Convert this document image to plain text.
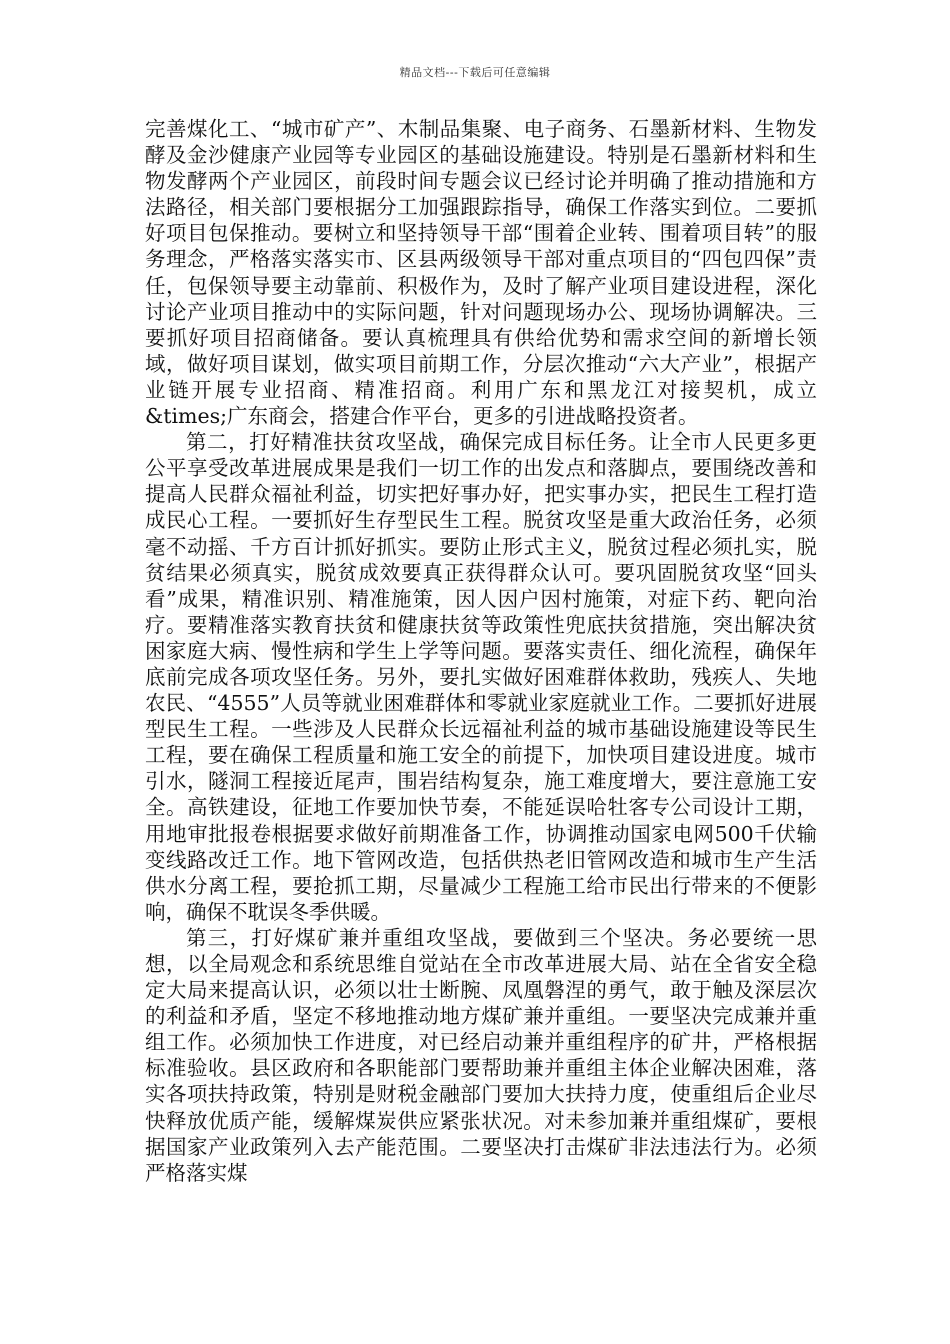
精品文档---下载后可任意编辑

完善煤化工、“城市矿产”、木制品集聚、电子商务、石墨新材料、生物发酵及金沙健康产业园等专业园区的基础设施建设。特别是石墨新材料和生物发酵两个产业园区，前段时间专题会议已经讨论并明确了推动措施和方法路径，相关部门要根据分工加强跟踪指导，确保工作落实到位。二要抓好项目包保推动。要树立和坚持领导干部“围着企业转、围着项目转”的服务理念，严格落实落实市、区县两级领导干部对重点项目的“四包四保”责任，包保领导要主动靠前、积极作为，及时了解产业项目建设进程，深化讨论产业项目推动中的实际问题，针对问题现场办公、现场协调解决。三要抓好项目招商储备。要认真梳理具有供给优势和需求空间的新增长领域，做好项目谋划，做实项目前期工作，分层次推动“六大产业”，根据产业链开展专业招商、精准招商。利用广东和黑龙江对接契机，成立&times;广东商会，搭建合作平台，更多的引进战略投资者。

第二，打好精准扶贫攻坚战，确保完成目标任务。让全市人民更多更公平享受改革进展成果是我们一切工作的出发点和落脚点，要围绕改善和提高人民群众福祉利益，切实把好事办好，把实事办实，把民生工程打造成民心工程。一要抓好生存型民生工程。脱贫攻坚是重大政治任务，必须毫不动摇、千方百计抓好抓实。要防止形式主义，脱贫过程必须扎实，脱贫结果必须真实，脱贫成效要真正获得群众认可。要巩固脱贫攻坚“回头看”成果，精准识别、精准施策，因人因户因村施策，对症下药、靶向治疗。要精准落实教育扶贫和健康扶贫等政策性兜底扶贫措施，突出解决贫困家庭大病、慢性病和学生上学等问题。要落实责任、细化流程，确保年底前完成各项攻坚任务。另外，要扎实做好困难群体救助，残疾人、失地农民、“4555”人员等就业困难群体和零就业家庭就业工作。二要抓好进展型民生工程。一些涉及人民群众长远福祉利益的城市基础设施建设等民生工程，要在确保工程质量和施工安全的前提下，加快项目建设进度。城市引水，隧洞工程接近尾声，围岩结构复杂，施工难度增大，要注意施工安全。高铁建设，征地工作要加快节奏，不能延误哈牡客专公司设计工期，用地审批报卷根据要求做好前期准备工作，协调推动国家电网500千伏输变线路改迁工作。地下管网改造，包括供热老旧管网改造和城市生产生活供水分离工程，要抢抓工期，尽量减少工程施工给市民出行带来的不便影响，确保不耽误冬季供暖。

第三，打好煤矿兼并重组攻坚战，要做到三个坚决。务必要统一思想，以全局观念和系统思维自觉站在全市改革进展大局、站在全省安全稳定大局来提高认识，必须以壮士断腕、凤凰磐涅的勇气，敢于触及深层次的利益和矛盾，坚定不移地推动地方煤矿兼并重组。一要坚决完成兼并重组工作。必须加快工作进度，对已经启动兼并重组程序的矿井，严格根据标准验收。县区政府和各职能部门要帮助兼并重组主体企业解决困难，落实各项扶持政策，特别是财税金融部门要加大扶持力度，使重组后企业尽快释放优质产能，缓解煤炭供应紧张状况。对未参加兼并重组煤矿，要根据国家产业政策列入去产能范围。二要坚决打击煤矿非法违法行为。必须严格落实煤
